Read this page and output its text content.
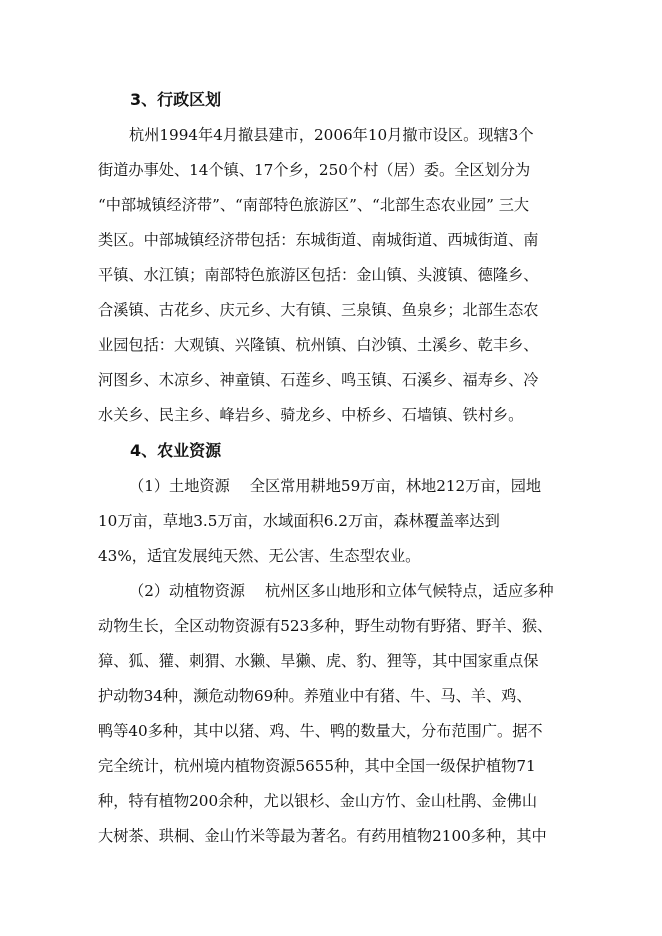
3、行政区划
杭州1994年4月撤县建市，2006年10月撤市设区。现辖3个
街道办事处、14个镇、17个乡，250个村（居）委。全区划分为
“中部城镇经济带”、“南部特色旅游区”、“北部生态农业园” 三大
类区。中部城镇经济带包括：东城街道、南城街道、西城街道、南
平镇、水江镇；南部特色旅游区包括：金山镇、头渡镇、德隆乡、
合溪镇、古花乡、庆元乡、大有镇、三泉镇、鱼泉乡；北部生态农
业园包括：大观镇、兴隆镇、杭州镇、白沙镇、土溪乡、乾丰乡、
河图乡、木凉乡、神童镇、石莲乡、鸣玉镇、石溪乡、福寿乡、冷
水关乡、民主乡、峰岩乡、骑龙乡、中桥乡、石墙镇、铁村乡。
4、农业资源
（1）土地资源　 全区常用耕地59万亩，林地212万亩，园地
10万亩，草地3.5万亩，水域面积6.2万亩，森林覆盖率达到
43%，适宜发展纯天然、无公害、生态型农业。
（2）动植物资源　 杭州区多山地形和立体气候特点，适应多种
动物生长，全区动物资源有523多种，野生动物有野猪、野羊、猴、
獐、狐、獾、刺猬、水獭、旱獭、虎、豹、狸等，其中国家重点保
护动物34种，濒危动物69种。养殖业中有猪、牛、马、羊、鸡、
鸭等40多种，其中以猪、鸡、牛、鸭的数量大，分布范围广。据不
完全统计，杭州境内植物资源5655种，其中全国一级保护植物71
种，特有植物200余种，尤以银杉、金山方竹、金山杜鹃、金佛山
大树茶、珙桐、金山竹米等最为著名。有药用植物2100多种，其中
